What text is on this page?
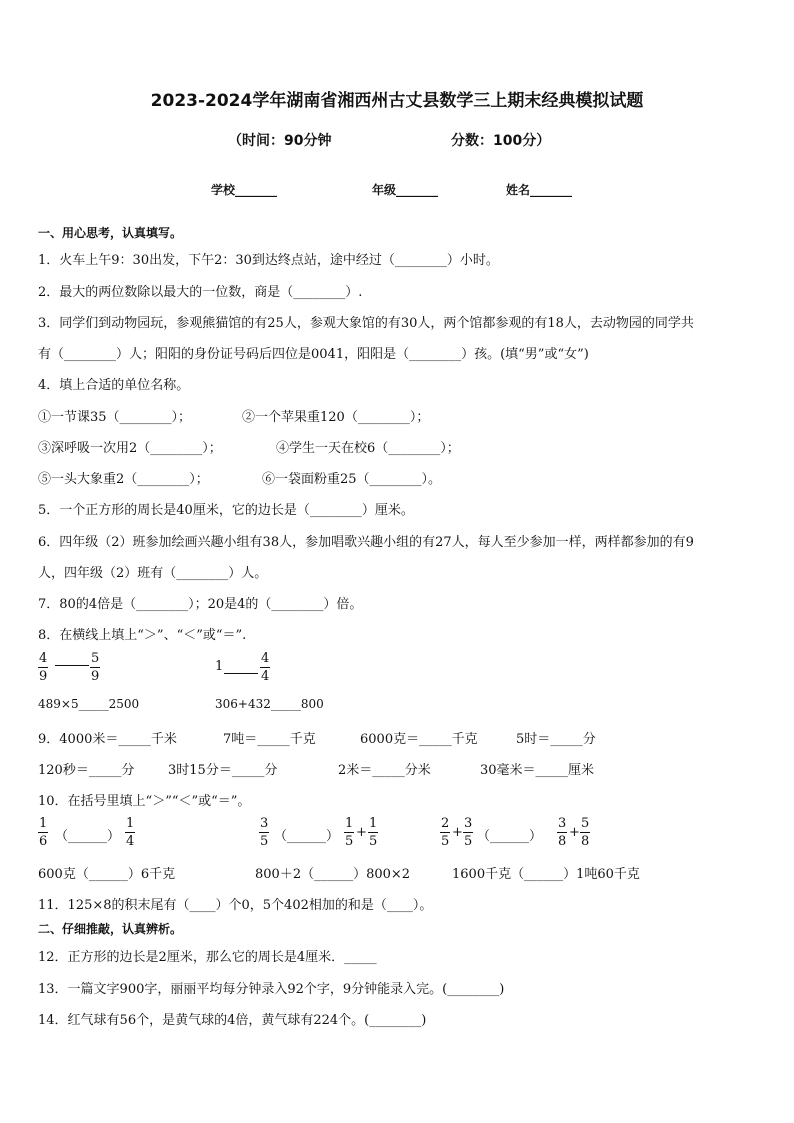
2023-2024学年湖南省湘西州古丈县数学三上期末经典模拟试题
（时间：90分钟	分数：100分）
学校_______	年级_______	姓名_______
一、用心思考，认真填写。
1．火车上午9：30出发，下午2：30到达终点站，途中经过（________）小时。
2．最大的两位数除以最大的一位数，商是（________）.
3．同学们到动物园玩，参观熊猫馆的有25人，参观大象馆的有30人，两个馆都参观的有18人，去动物园的同学共
有（________）人；阳阳的身份证号码后四位是0041，阳阳是（________）孩。(填“男”或“女”)
4．填上合适的单位名称。
①一节课35（________）；	②一个苹果重120（________）；
③深呼吸一次用2（________）；	④学生一天在校6（________）；
⑤一头大象重2（________）；	⑥一袋面粉重25（________）。
5．一个正方形的周长是40厘米，它的边长是（________）厘米。
6．四年级（2）班参加绘画兴趣小组有38人，参加唱歌兴趣小组的有27人，每人至少参加一样，两样都参加的有9
人，四年级（2）班有（________）人。
7．80的4倍是（________）；20是4的（________）倍。
8．在横线上填上“＞”、“＜”或“＝”.
$\frac{4}{9}$	$\frac{5}{9}$	1	$\frac{4}{4}$
489×5_____2500	306+432_____800
9．4000米＝_____千米	7吨＝_____千克	6000克＝_____千克	5时＝_____分
120秒＝_____分	3时15分＝_____分	2米＝_____分米	30毫米＝_____厘米
10．在括号里填上“＞”“＜”或“＝”。
$\frac{1}{6}$ （______） $\frac{1}{4}$	$\frac{3}{5}$ （______） $\frac{1}{5} + \frac{1}{5}$	$\frac{2}{5} + \frac{3}{5}$ （______） $\frac{3}{8} + \frac{5}{8}$
600克（______）6千克	800＋2（______）800×2	1600千克（______）1吨60千克
11．125×8的积末尾有（____）个0，5个402相加的和是（____）。
二、仔细推敲，认真辨析。
12．正方形的边长是2厘米，那么它的周长是4厘米．_____
13．一篇文字900字，丽丽平均每分钟录入92个字，9分钟能录入完。(________)
14．红气球有56个，是黄气球的4倍，黄气球有224个。(________)
